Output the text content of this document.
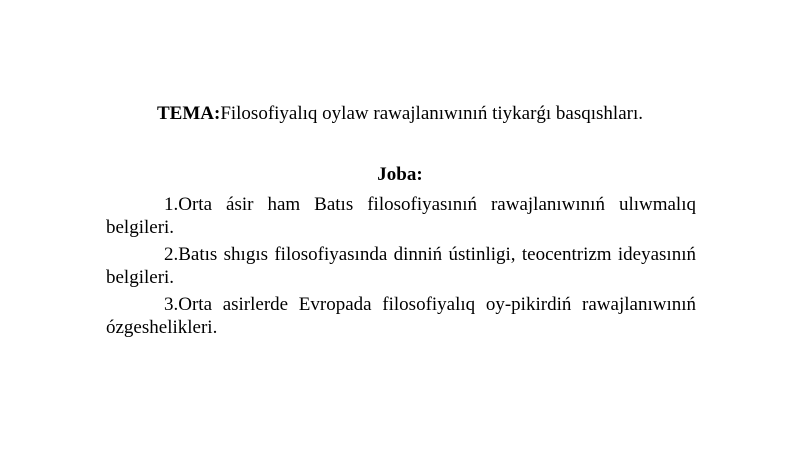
TEMA:Filosofiyalıq oylaw rawajlanıwınıń tiykarǵı basqıshları.
Joba:

1.Orta ásir ham Batıs filosofiyasınıń rawajlanıwınıń ulıwmalıq belgileri.

2.Batıs shıgıs filosofiyasında dinniń ústinligi, teocentrizm ideyasınıń belgileri.

3.Orta asirlerde Evropada filosofiyalıq oy-pikirdiń rawajlanıwınıń ózgeshelikleri.
